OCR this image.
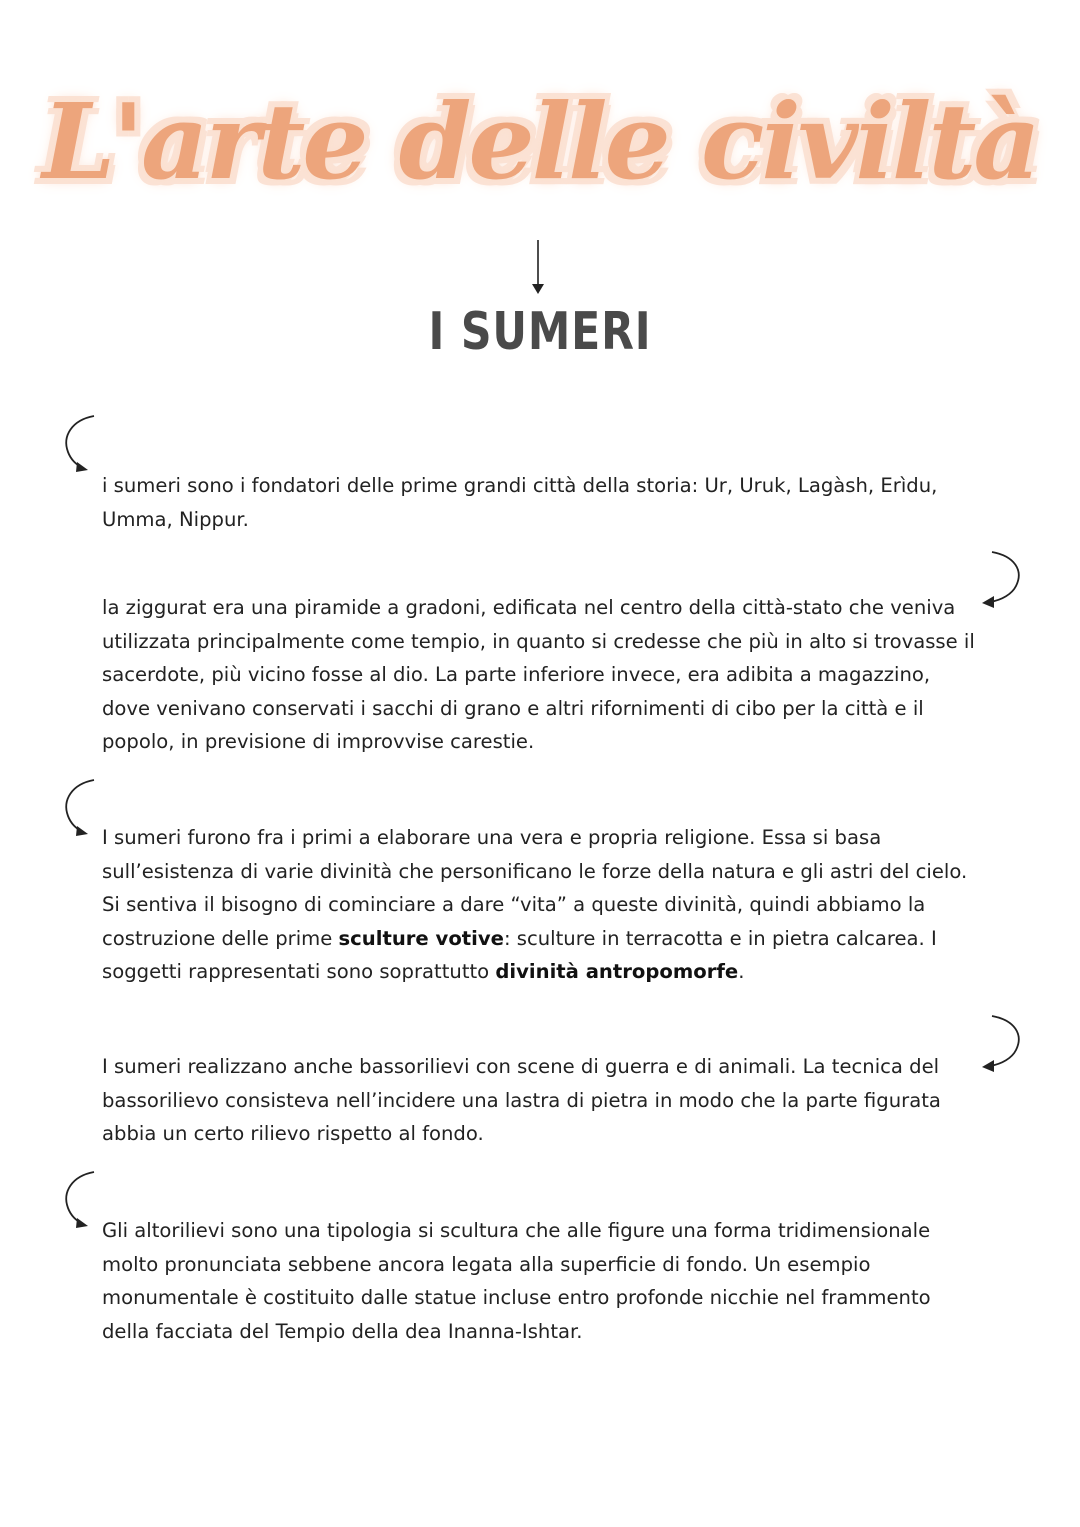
L'arte delle civiltà
I SUMERI

i sumeri sono i fondatori delle prime grandi città della storia: Ur, Uruk, Lagàsh, Erìdu, Umma, Nippur.

la ziggurat era una piramide a gradoni, edificata nel centro della città-stato che veniva utilizzata principalmente come tempio, in quanto si credesse che più in alto si trovasse il sacerdote, più vicino fosse al dio. La parte inferiore invece, era adibita a magazzino, dove venivano conservati i sacchi di grano e altri rifornimenti di cibo per la città e il popolo, in previsione di improvvise carestie.

I sumeri furono fra i primi a elaborare una vera e propria religione. Essa si basa sull’esistenza di varie divinità che personificano le forze della natura e gli astri del cielo. Si sentiva il bisogno di cominciare a dare “vita” a queste divinità, quindi abbiamo la costruzione delle prime sculture votive: sculture in terracotta e in pietra calcarea. I soggetti rappresentati sono soprattutto divinità antropomorfe.

I sumeri realizzano anche bassorilievi con scene di guerra e di animali. La tecnica del bassorilievo consisteva nell’incidere una lastra di pietra in modo che la parte figurata abbia un certo rilievo rispetto al fondo.

Gli altorilievi sono una tipologia si scultura che alle figure una forma tridimensionale molto pronunciata sebbene ancora legata alla superficie di fondo. Un esempio monumentale è costituito dalle statue incluse entro profonde nicchie nel frammento della facciata del Tempio della dea Inanna-Ishtar.
